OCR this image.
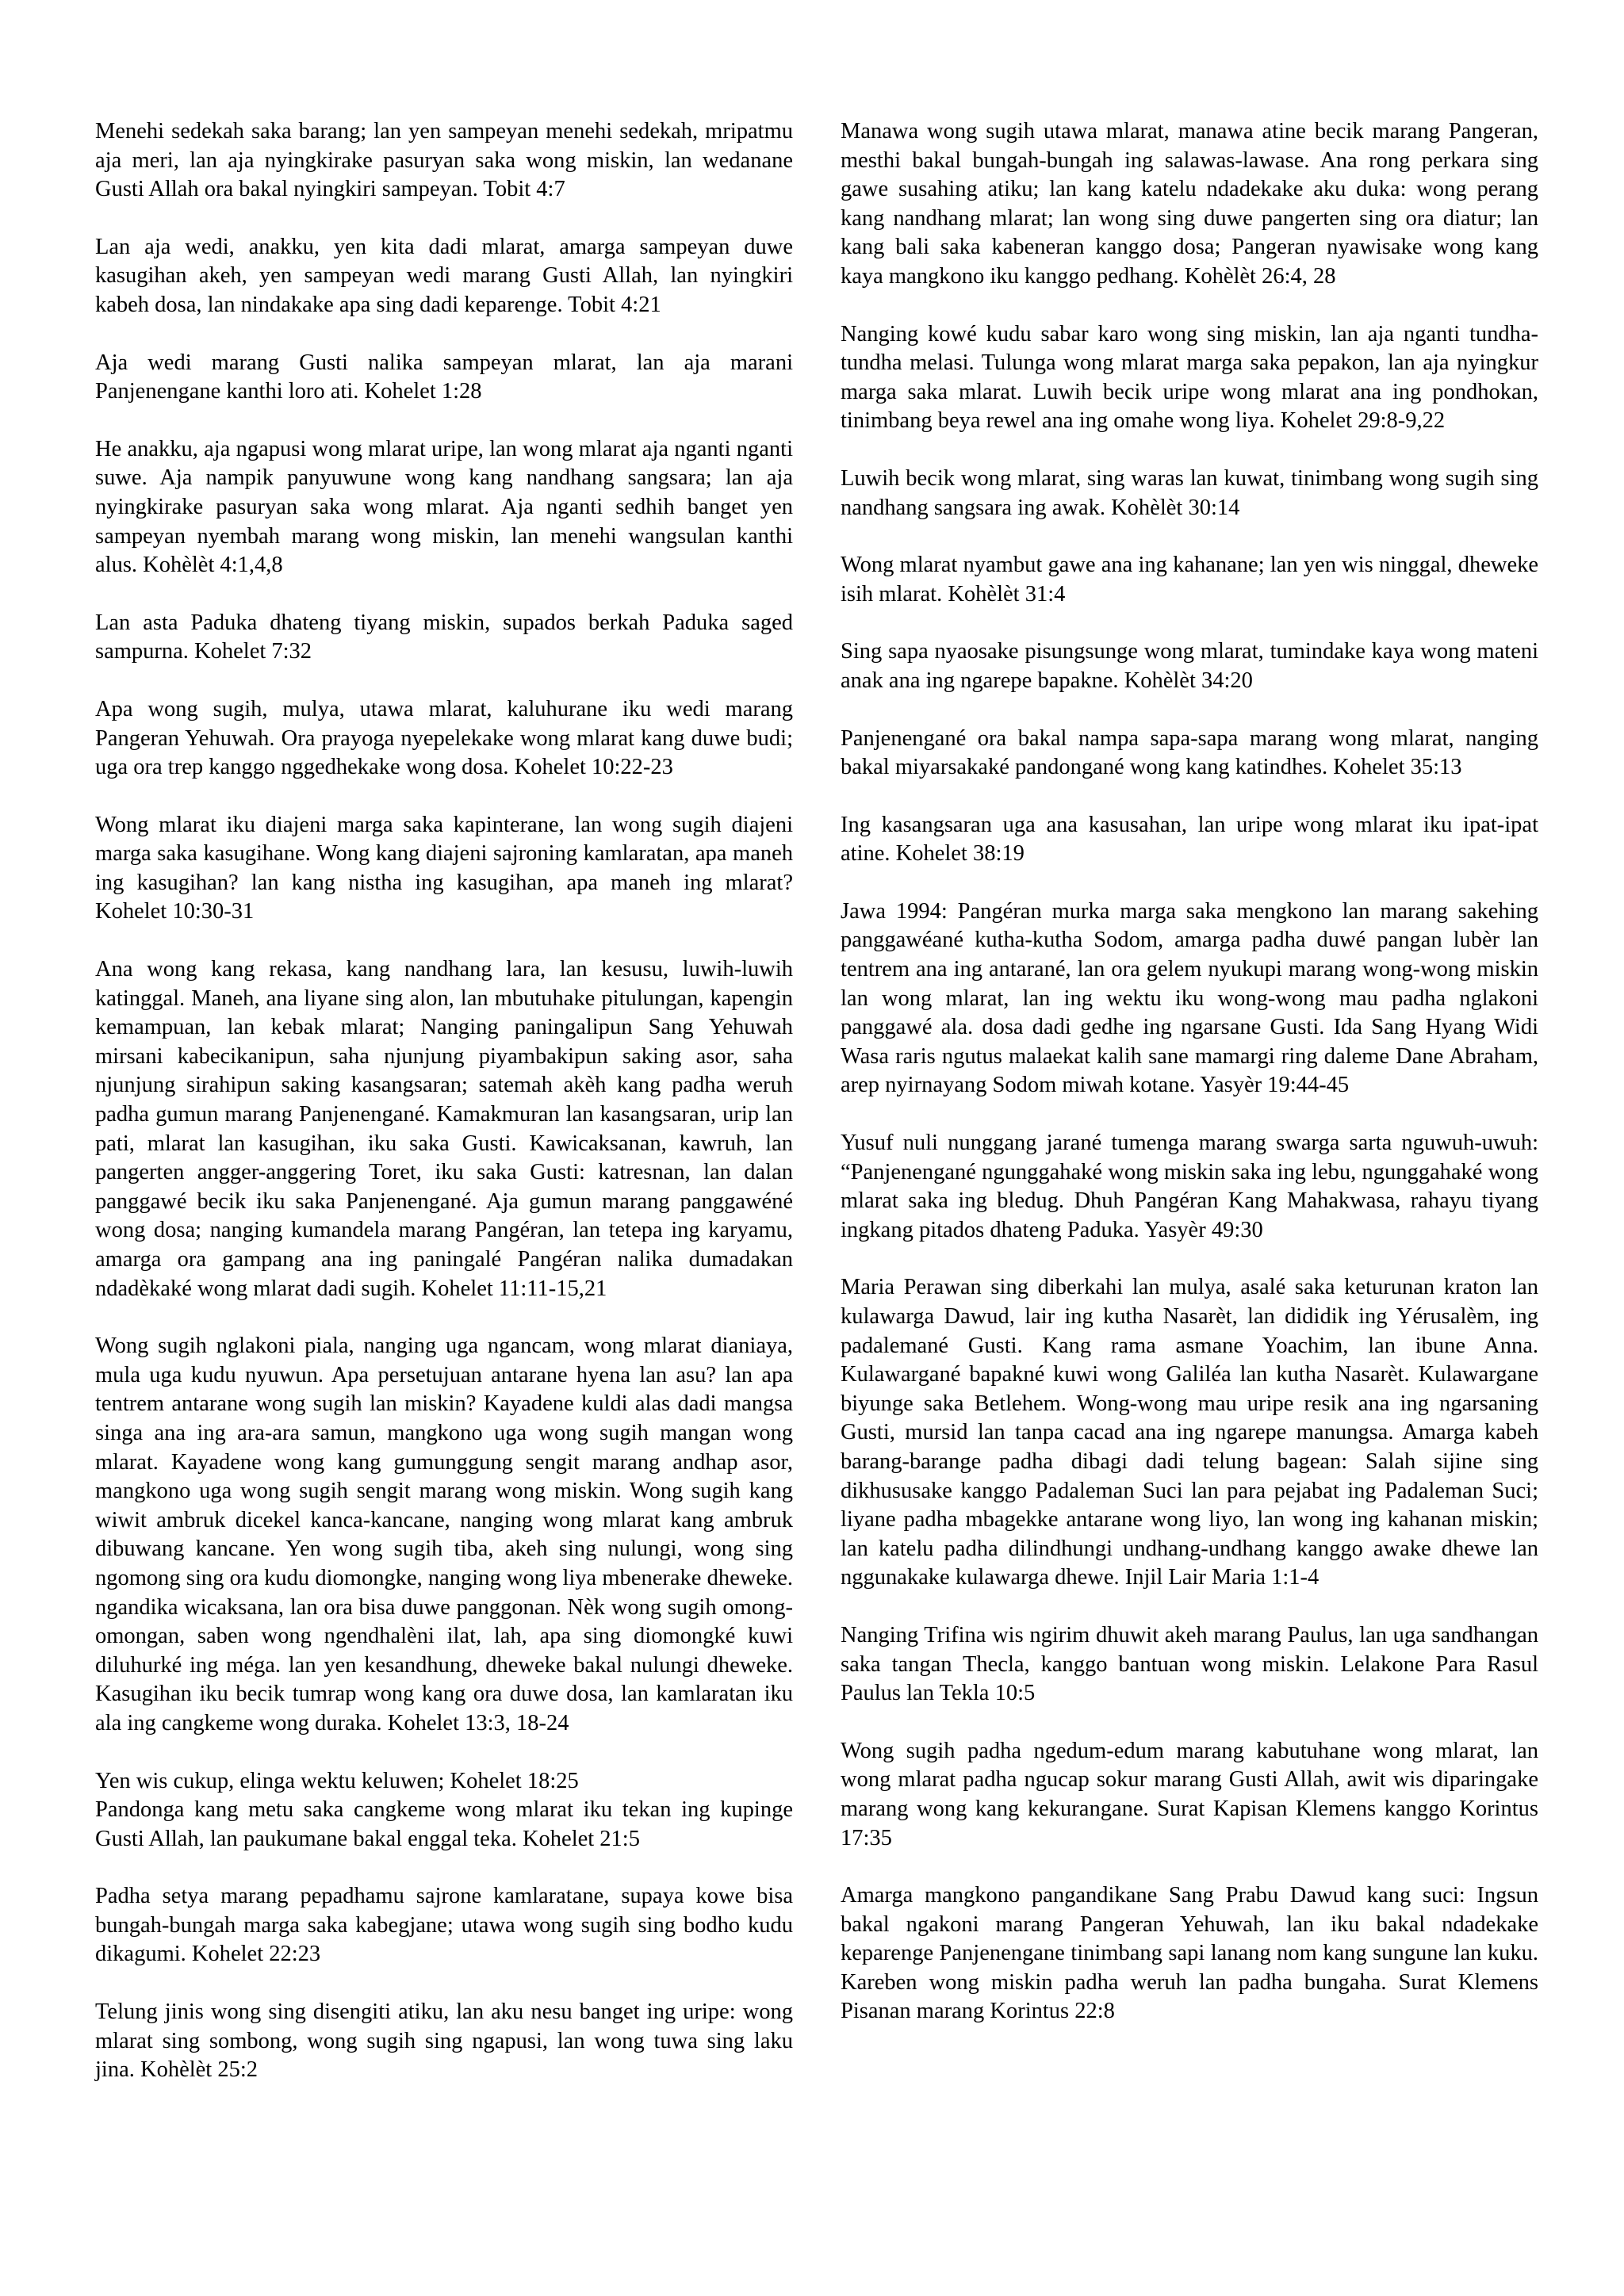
Menehi sedekah saka barang; lan yen sampeyan menehi sedekah, mripatmu aja meri, lan aja nyingkirake pasuryan saka wong miskin, lan wedanane Gusti Allah ora bakal nyingkiri sampeyan. Tobit 4:7

Lan aja wedi, anakku, yen kita dadi mlarat, amarga sampeyan duwe kasugihan akeh, yen sampeyan wedi marang Gusti Allah, lan nyingkiri kabeh dosa, lan nindakake apa sing dadi keparenge. Tobit 4:21

Aja wedi marang Gusti nalika sampeyan mlarat, lan aja marani Panjenengane kanthi loro ati. Kohelet 1:28

He anakku, aja ngapusi wong mlarat uripe, lan wong mlarat aja nganti nganti suwe. Aja nampik panyuwune wong kang nandhang sangsara; lan aja nyingkirake pasuryan saka wong mlarat. Aja nganti sedhih banget yen sampeyan nyembah marang wong miskin, lan menehi wangsulan kanthi alus. Kohèlèt 4:1,4,8

Lan asta Paduka dhateng tiyang miskin, supados berkah Paduka saged sampurna. Kohelet 7:32

Apa wong sugih, mulya, utawa mlarat, kaluhurane iku wedi marang Pangeran Yehuwah. Ora prayoga nyepelekake wong mlarat kang duwe budi; uga ora trep kanggo nggedhekake wong dosa. Kohelet 10:22-23

Wong mlarat iku diajeni marga saka kapinterane, lan wong sugih diajeni marga saka kasugihane. Wong kang diajeni sajroning kamlaratan, apa maneh ing kasugihan? lan kang nistha ing kasugihan, apa maneh ing mlarat? Kohelet 10:30-31

Ana wong kang rekasa, kang nandhang lara, lan kesusu, luwih-luwih katinggal. Maneh, ana liyane sing alon, lan mbutuhake pitulungan, kapengin kemampuan, lan kebak mlarat; Nanging paningalipun Sang Yehuwah mirsani kabecikanipun, saha njunjung piyambakipun saking asor, saha njunjung sirahipun saking kasangsaran; satemah akèh kang padha weruh padha gumun marang Panjenengané. Kamakmuran lan kasangsaran, urip lan pati, mlarat lan kasugihan, iku saka Gusti. Kawicaksanan, kawruh, lan pangerten angger-anggering Toret, iku saka Gusti: katresnan, lan dalan panggawé becik iku saka Panjenengané. Aja gumun marang panggawéné wong dosa; nanging kumandela marang Pangéran, lan tetepa ing karyamu, amarga ora gampang ana ing paningalé Pangéran nalika dumadakan ndadèkaké wong mlarat dadi sugih. Kohelet 11:11-15,21

Wong sugih nglakoni piala, nanging uga ngancam, wong mlarat dianiaya, mula uga kudu nyuwun. Apa persetujuan antarane hyena lan asu? lan apa tentrem antarane wong sugih lan miskin? Kayadene kuldi alas dadi mangsa singa ana ing ara-ara samun, mangkono uga wong sugih mangan wong mlarat. Kayadene wong kang gumunggung sengit marang andhap asor, mangkono uga wong sugih sengit marang wong miskin. Wong sugih kang wiwit ambruk dicekel kanca-kancane, nanging wong mlarat kang ambruk dibuwang kancane. Yen wong sugih tiba, akeh sing nulungi, wong sing ngomong sing ora kudu diomongke, nanging wong liya mbenerake dheweke. ngandika wicaksana, lan ora bisa duwe panggonan. Nèk wong sugih omong-omongan, saben wong ngendhalèni ilat, lah, apa sing diomongké kuwi diluhurké ing méga. lan yen kesandhung, dheweke bakal nulungi dheweke. Kasugihan iku becik tumrap wong kang ora duwe dosa, lan kamlaratan iku ala ing cangkeme wong duraka. Kohelet 13:3, 18-24

Yen wis cukup, elinga wektu keluwen; Kohelet 18:25

Pandonga kang metu saka cangkeme wong mlarat iku tekan ing kupinge Gusti Allah, lan paukumane bakal enggal teka. Kohelet 21:5

Padha setya marang pepadhamu sajrone kamlaratane, supaya kowe bisa bungah-bungah marga saka kabegjane; utawa wong sugih sing bodho kudu dikagumi. Kohelet 22:23

Telung jinis wong sing disengiti atiku, lan aku nesu banget ing uripe: wong mlarat sing sombong, wong sugih sing ngapusi, lan wong tuwa sing laku jina. Kohèlèt 25:2

Manawa wong sugih utawa mlarat, manawa atine becik marang Pangeran, mesthi bakal bungah-bungah ing salawas-lawase. Ana rong perkara sing gawe susahing atiku; lan kang katelu ndadekake aku duka: wong perang kang nandhang mlarat; lan wong sing duwe pangerten sing ora diatur; lan kang bali saka kabeneran kanggo dosa; Pangeran nyawisake wong kang kaya mangkono iku kanggo pedhang. Kohèlèt 26:4, 28

Nanging kowé kudu sabar karo wong sing miskin, lan aja nganti tundha-tundha melasi. Tulunga wong mlarat marga saka pepakon, lan aja nyingkur marga saka mlarat. Luwih becik uripe wong mlarat ana ing pondhokan, tinimbang beya rewel ana ing omahe wong liya. Kohelet 29:8-9,22

Luwih becik wong mlarat, sing waras lan kuwat, tinimbang wong sugih sing nandhang sangsara ing awak. Kohèlèt 30:14

Wong mlarat nyambut gawe ana ing kahanane; lan yen wis ninggal, dheweke isih mlarat. Kohèlèt 31:4

Sing sapa nyaosake pisungsunge wong mlarat, tumindake kaya wong mateni anak ana ing ngarepe bapakne. Kohèlèt 34:20

Panjenengané ora bakal nampa sapa-sapa marang wong mlarat, nanging bakal miyarsakaké pandongané wong kang katindhes. Kohelet 35:13

Ing kasangsaran uga ana kasusahan, lan uripe wong mlarat iku ipat-ipat atine. Kohelet 38:19

Jawa 1994: Pangéran murka marga saka mengkono lan marang sakehing panggawéané kutha-kutha Sodom, amarga padha duwé pangan lubèr lan tentrem ana ing antarané, lan ora gelem nyukupi marang wong-wong miskin lan wong mlarat, lan ing wektu iku wong-wong mau padha nglakoni panggawé ala. dosa dadi gedhe ing ngarsane Gusti. Ida Sang Hyang Widi Wasa raris ngutus malaekat kalih sane mamargi ring daleme Dane Abraham, arep nyirnayang Sodom miwah kotane. Yasyèr 19:44-45

Yusuf nuli nunggang jarané tumenga marang swarga sarta nguwuh-uwuh: “Panjenengané ngunggahaké wong miskin saka ing lebu, ngunggahaké wong mlarat saka ing bledug. Dhuh Pangéran Kang Mahakwasa, rahayu tiyang ingkang pitados dhateng Paduka. Yasyèr 49:30

Maria Perawan sing diberkahi lan mulya, asalé saka keturunan kraton lan kulawarga Dawud, lair ing kutha Nasarèt, lan dididik ing Yérusalèm, ing padalemané Gusti. Kang rama asmane Yoachim, lan ibune Anna. Kulawargané bapakné kuwi wong Galiléa lan kutha Nasarèt. Kulawargane biyunge saka Betlehem. Wong-wong mau uripe resik ana ing ngarsaning Gusti, mursid lan tanpa cacad ana ing ngarepe manungsa. Amarga kabeh barang-barange padha dibagi dadi telung bagean: Salah sijine sing dikhususake kanggo Padaleman Suci lan para pejabat ing Padaleman Suci; liyane padha mbagekke antarane wong liyo, lan wong ing kahanan miskin; lan katelu padha dilindhungi undhang-undhang kanggo awake dhewe lan nggunakake kulawarga dhewe. Injil Lair Maria 1:1-4

Nanging Trifina wis ngirim dhuwit akeh marang Paulus, lan uga sandhangan saka tangan Thecla, kanggo bantuan wong miskin. Lelakone Para Rasul Paulus lan Tekla 10:5

Wong sugih padha ngedum-edum marang kabutuhane wong mlarat, lan wong mlarat padha ngucap sokur marang Gusti Allah, awit wis diparingake marang wong kang kekurangane. Surat Kapisan Klemens kanggo Korintus 17:35

Amarga mangkono pangandikane Sang Prabu Dawud kang suci: Ingsun bakal ngakoni marang Pangeran Yehuwah, lan iku bakal ndadekake keparenge Panjenengane tinimbang sapi lanang nom kang sungune lan kuku. Kareben wong miskin padha weruh lan padha bungaha. Surat Klemens Pisanan marang Korintus 22:8
